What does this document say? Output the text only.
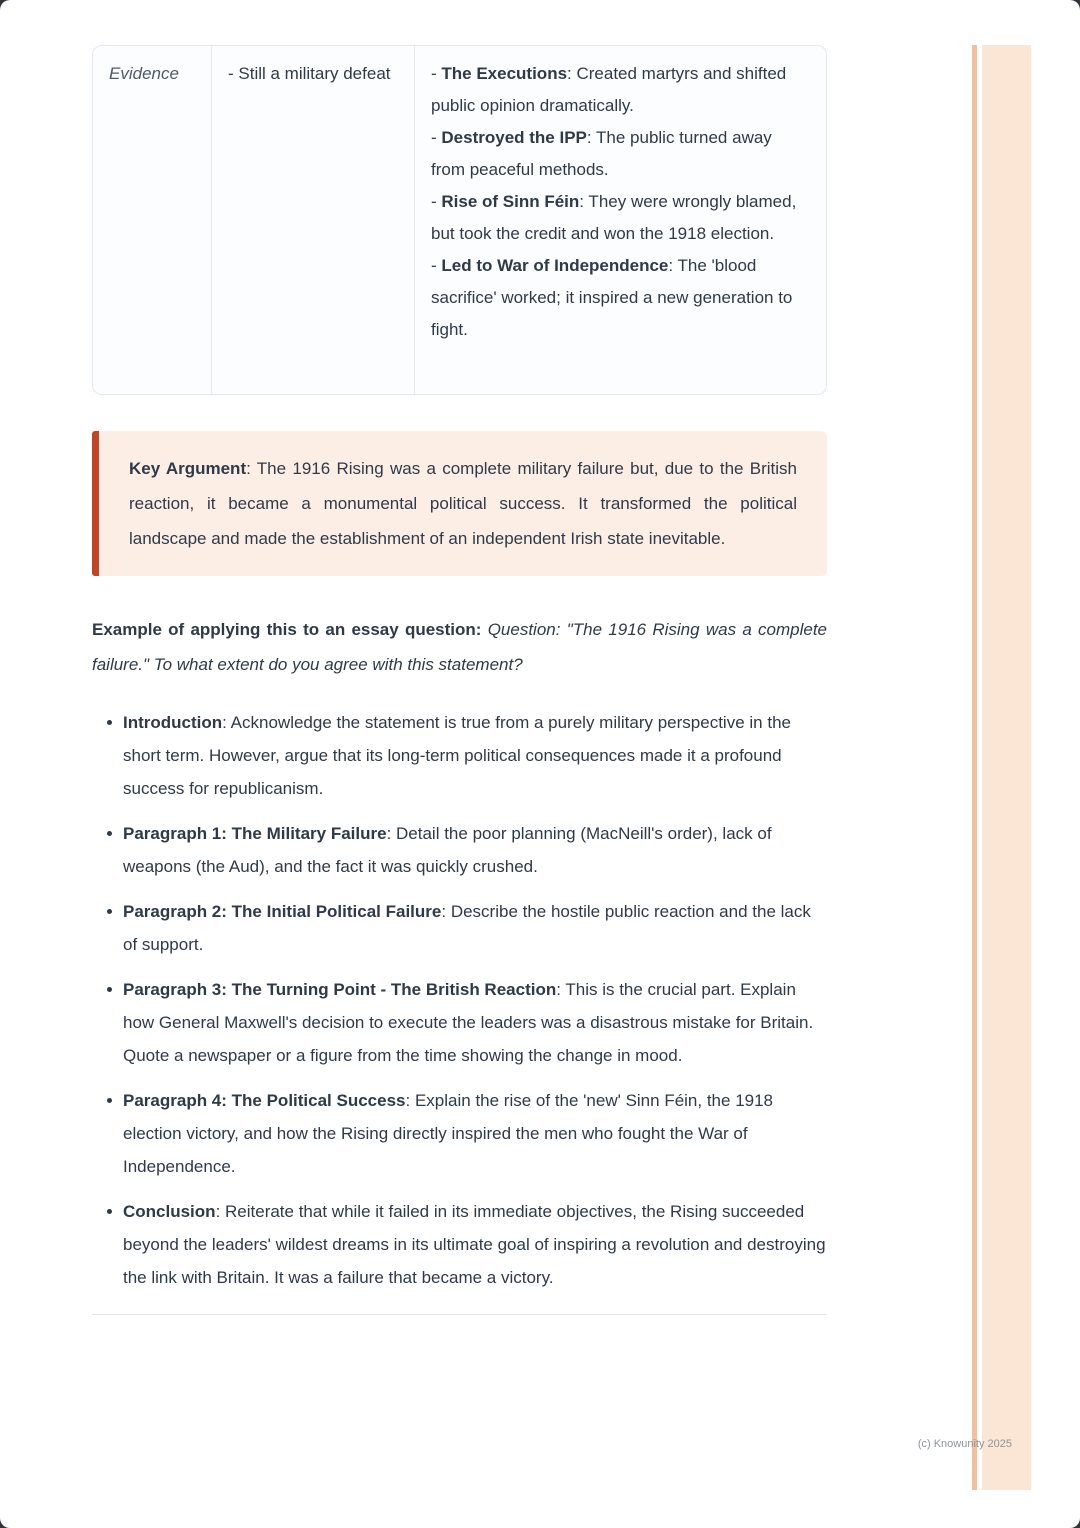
Evidence	- Still a military defeat	- The Executions: Created martyrs and shifted public opinion dramatically.
- Destroyed the IPP: The public turned away from peaceful methods.
- Rise of Sinn Féin: They were wrongly blamed, but took the credit and won the 1918 election.
- Led to War of Independence: The 'blood sacrifice' worked; it inspired a new generation to fight.

Key Argument: The 1916 Rising was a complete military failure but, due to the British reaction, it became a monumental political success. It transformed the political landscape and made the establishment of an independent Irish state inevitable.

Example of applying this to an essay question: Question: "The 1916 Rising was a complete failure." To what extent do you agree with this statement?

Introduction: Acknowledge the statement is true from a purely military perspective in the short term. However, argue that its long-term political consequences made it a profound success for republicanism.
Paragraph 1: The Military Failure: Detail the poor planning (MacNeill's order), lack of weapons (the Aud), and the fact it was quickly crushed.
Paragraph 2: The Initial Political Failure: Describe the hostile public reaction and the lack of support.
Paragraph 3: The Turning Point - The British Reaction: This is the crucial part. Explain how General Maxwell's decision to execute the leaders was a disastrous mistake for Britain. Quote a newspaper or a figure from the time showing the change in mood.
Paragraph 4: The Political Success: Explain the rise of the 'new' Sinn Féin, the 1918 election victory, and how the Rising directly inspired the men who fought the War of Independence.
Conclusion: Reiterate that while it failed in its immediate objectives, the Rising succeeded beyond the leaders' wildest dreams in its ultimate goal of inspiring a revolution and destroying the link with Britain. It was a failure that became a victory.
(c) Knowunity 2025
